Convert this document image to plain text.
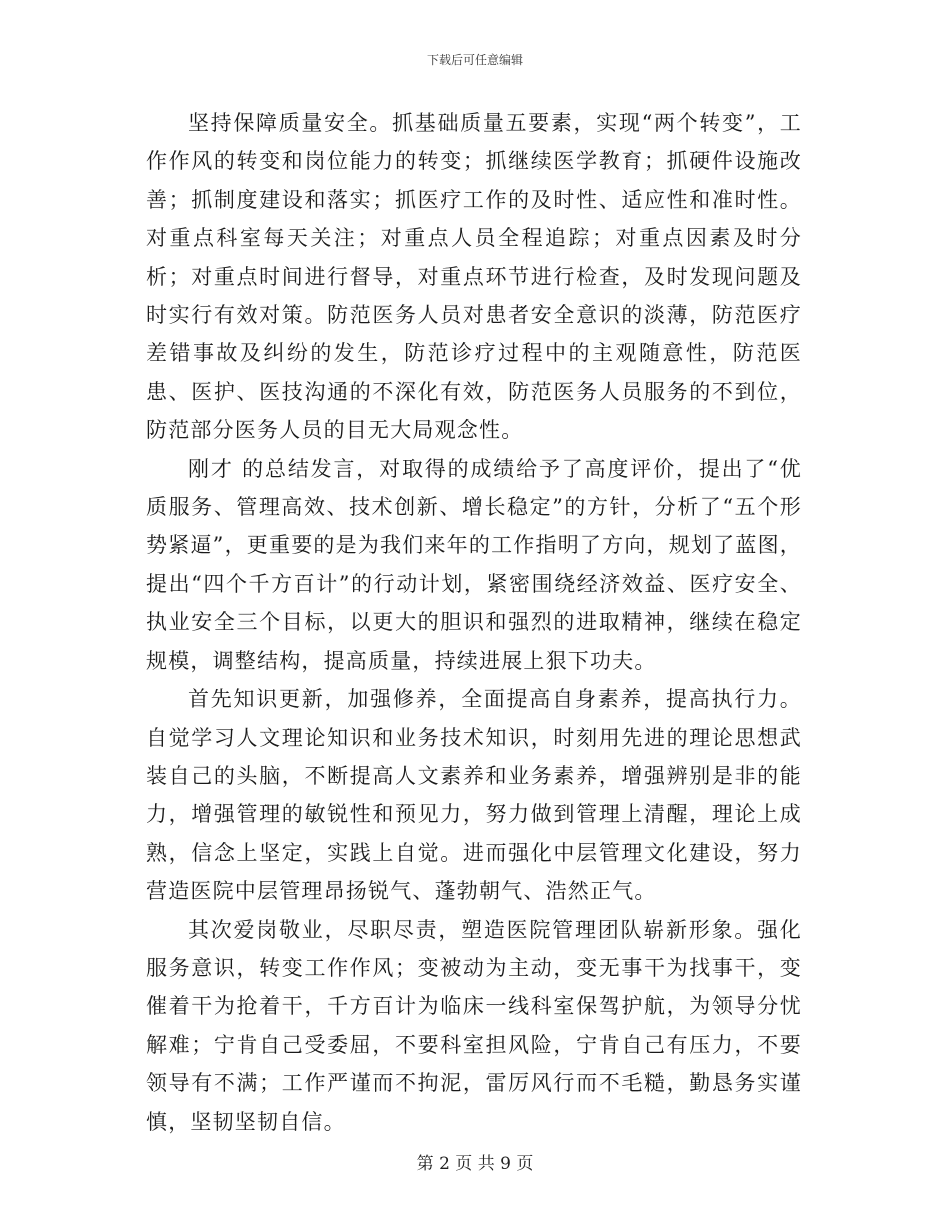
下载后可任意编辑

坚持保障质量安全。抓基础质量五要素，实现“两个转变”，工作作风的转变和岗位能力的转变；抓继续医学教育；抓硬件设施改善；抓制度建设和落实；抓医疗工作的及时性、适应性和准时性。对重点科室每天关注；对重点人员全程追踪；对重点因素及时分析；对重点时间进行督导，对重点环节进行检查，及时发现问题及时实行有效对策。防范医务人员对患者安全意识的淡薄，防范医疗差错事故及纠纷的发生，防范诊疗过程中的主观随意性，防范医患、医护、医技沟通的不深化有效，防范医务人员服务的不到位，防范部分医务人员的目无大局观念性。

刚才 的总结发言，对取得的成绩给予了高度评价，提出了“优质服务、管理高效、技术创新、增长稳定”的方针，分析了“五个形势紧逼”，更重要的是为我们来年的工作指明了方向，规划了蓝图，提出“四个千方百计”的行动计划，紧密围绕经济效益、医疗安全、执业安全三个目标，以更大的胆识和强烈的进取精神，继续在稳定规模，调整结构，提高质量，持续进展上狠下功夫。

首先知识更新，加强修养，全面提高自身素养，提高执行力。自觉学习人文理论知识和业务技术知识，时刻用先进的理论思想武装自己的头脑，不断提高人文素养和业务素养，增强辨别是非的能力，增强管理的敏锐性和预见力，努力做到管理上清醒，理论上成熟，信念上坚定，实践上自觉。进而强化中层管理文化建设，努力营造医院中层管理昂扬锐气、蓬勃朝气、浩然正气。

其次爱岗敬业，尽职尽责，塑造医院管理团队崭新形象。强化服务意识，转变工作作风；变被动为主动，变无事干为找事干，变催着干为抢着干，千方百计为临床一线科室保驾护航，为领导分忧解难；宁肯自己受委屈，不要科室担风险，宁肯自己有压力，不要领导有不满；工作严谨而不拘泥，雷厉风行而不毛糙，勤恳务实谨慎，坚韧坚韧自信。

第 2 页 共 9 页
